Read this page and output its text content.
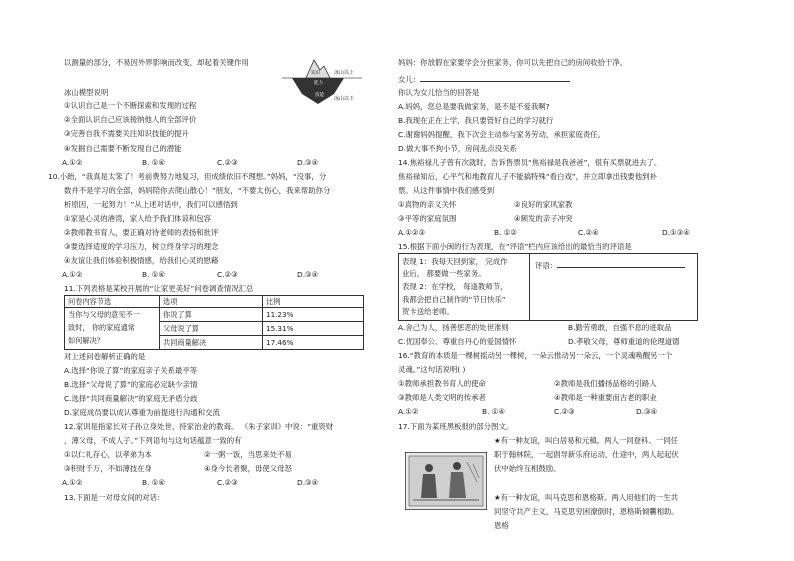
以测量的部分，不易因外界影响而改变，却起着关键作用
知识
能力
技能
冰山以上
冰山以下
冰山模型说明
①认识自己是一个不断探索和发现的过程
②全面认识自己应该接纳他人的全部评价
③完善自我不需要关注知识技能的提升
④发掘自己需要不断发现自己的潜能
A.①②	B. ①④	C.②③	D.③④
10.小跆，“我真是太笨了！考前费努力地复习，但成绩依旧不理想。”妈妈，“没事，分
数并不是学习的全部，妈妈陪你去爬山散心！”朋友，“不要太伤心，我来帮助你分
析原因，一起努力！”从上述对话中，我们可以感悟到
①家是心灵的港湾，家人给予我们体谅和包容
②教师教书育人，要正确对待老师的表扬和批评
③要选择适度的学习压力，树立终身学习的理念
④友谊让我们体验积极情感，给我们心灵的慰藉
A.①②	B. ①④	C.②③	D.③④
11.下列表格是某校开展的“让家更美好”问卷调查情况汇总
问卷内容节选	选项	比例

当你与父母的意见不一
致时， 你的家庭通常
如何解决？	你说了算	11.23%
	父母说了算	15.31%
	共同商量解决	17.46%
对上述问卷解析正确的是
A.选择“你说了算”的家庭亲子关系最平等
B.选择“父母说了算”的家庭必定缺少亲情
C.选择“共同商量解决”的家庭无矛盾分歧
D.家庭成员要以成认尊重为前提进行沟通和交流
12.家训是指家长对子孙立身处世、持家治业的教诲。 《朱子家训》中说：“重资财
，薄父母，不成人子。”下列语句与这句话蕴意一致的有
①以仁礼存心，以孝弟为本	②一粥一饭，当思来处不易
③积财千万，不如薄技在身	④身今长者聚，毋使父母怒
A.①②	B. ①④	C.②③	D.③④
13.下面是一对母女间的对话：
妈妈：你放假在家要学会分担家务，你可以先把自己的房间收拾干净。
女儿：
你认为女儿恰当的回答是
A.妈妈，您总是要我做家务，是不是不爱我啊?
B.我现在正在上学，我只要管好自己的学习就行
C.谢谢妈妈提醒，我下次会主动参与家务劳动，承担家庭责任。
D.做大事不拘小节，房间乱点没关系
14.焦裕禄儿子曾有次就时，告诉售票员“焦裕禄是我爸爸”，很有买票就进去了。
焦裕禄知后，心平气和地教育儿子不能搞特殊“看白戏”，并立即拿出钱要他到补
票。从这件事情中我们感受到
①真物的亲义关怀	②良好的家风家教
③平等的家庭氛围	④频发的亲子冲突
A.①②③	B. ①②	C.②④	D.①③④
15.根据下面小闽的行为表现，在“评语”栏内应该给出的最恰当的评语是
表现 1：我每天回到家， 完成作
业后， 都要做一些家务。
表现 2：在学校， 每逢教师节，
我都会把自己制作的“节日快乐”
贺卡送给老师。
评语：
A.舍己为人，扬善惩恶的处世准则	B.勤劳勇敢，自强不息的进取品
C.优国奉公、尊重自丹心的爱国情怀	D.孝敬父母，尊师重道的伦理道德
16.“教育的本质是一棵树摇动另一棵树，一朵云推动另一朵云，一个灵魂唤醒另一个
灵魂。”这句话说明( )
①教师承担教书育人的使命	②教师是我们播扬品格的引路人
③教师是人类文明的传承者	④教师是一种重要而古老的职业
A.①②	B. ①④	C.②③	D.③④
17.下面为某班黑板报的部分图文。
★有一种友谊，叫白居易和元稹。两人一同登科、一同任
职于翰林院，一起倡导新乐府运动，仕途中，两人起起伏
伏中始终互相鼓励。
★有一种友谊，叫马克思和恩格斯。两人用他们的一生共
同坚守共产主义，马克思穷困潦倒时，恩格斯倾囊相助。
恩格
